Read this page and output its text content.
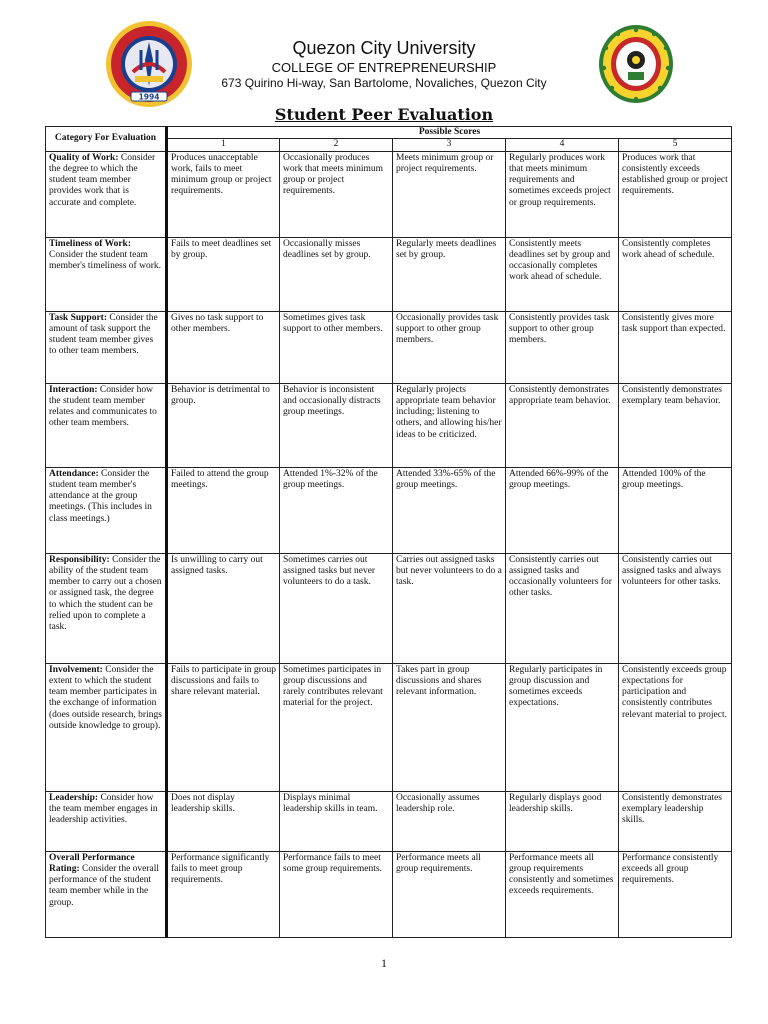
1994
Quezon City University
COLLEGE OF ENTREPRENEURSHIP
673 Quirino Hi-way, San Bartolome, Novaliches, Quezon City
Student Peer Evaluation
Category For Evaluation	Possible Scores				
	1	2	3	4	5
Quality of Work: Consider the degree to which the student team member provides work that is accurate and complete.	Produces unacceptable work, fails to meet minimum group or project requirements.	Occasionally produces work that meets minimum group or project requirements.	Meets minimum group or project requirements.	Regularly produces work that meets minimum requirements and sometimes exceeds project or group requirements.	Produces work that consistently exceeds established group or project requirements.
Timeliness of Work: Consider the student team member's timeliness of work.	Fails to meet deadlines set by group.	Occasionally misses deadlines set by group.	Regularly meets deadlines set by group.	Consistently meets deadlines set by group and occasionally completes work ahead of schedule.	Consistently completes work ahead of schedule.
Task Support: Consider the amount of task support the student team member gives to other team members.	Gives no task support to other members.	Sometimes gives task support to other members.	Occasionally provides task support to other group members.	Consistently provides task support to other group members.	Consistently gives more task support than expected.
Interaction: Consider how the student team member relates and communicates to other team members.	Behavior is detrimental to group.	Behavior is inconsistent and occasionally distracts group meetings.	Regularly projects appropriate team behavior including; listening to others, and allowing his/her ideas to be criticized.	Consistently demonstrates appropriate team behavior.	Consistently demonstrates exemplary team behavior.
Attendance: Consider the student team member's attendance at the group meetings. (This includes in class meetings.)	Failed to attend the group meetings.	Attended 1%-32% of the group meetings.	Attended 33%-65% of the group meetings.	Attended 66%-99% of the group meetings.	Attended 100% of the group meetings.
Responsibility: Consider the ability of the student team member to carry out a chosen or assigned task, the degree to which the student can be relied upon to complete a task.	Is unwilling to carry out assigned tasks.	Sometimes carries out assigned tasks but never volunteers to do a task.	Carries out assigned tasks but never volunteers to do a task.	Consistently carries out assigned tasks and occasionally volunteers for other tasks.	Consistently carries out assigned tasks and always volunteers for other tasks.
Involvement: Consider the extent to which the student team member participates in the exchange of information (does outside research, brings outside knowledge to group).	Fails to participate in group discussions and fails to share relevant material.	Sometimes participates in group discussions and rarely contributes relevant material for the project.	Takes part in group discussions and shares relevant information.	Regularly participates in group discussion and sometimes exceeds expectations.	Consistently exceeds group expectations for participation and consistently contributes relevant material to project.
Leadership: Consider how the team member engages in leadership activities.	Does not display leadership skills.	Displays minimal leadership skills in team.	Occasionally assumes leadership role.	Regularly displays good leadership skills.	Consistently demonstrates exemplary leadership skills.
Overall Performance Rating: Consider the overall performance of the student team member while in the group.	Performance significantly fails to meet group requirements.	Performance fails to meet some group requirements.	Performance meets all group requirements.	Performance meets all group requirements consistently and sometimes exceeds requirements.	Performance consistently exceeds all group requirements.
1
